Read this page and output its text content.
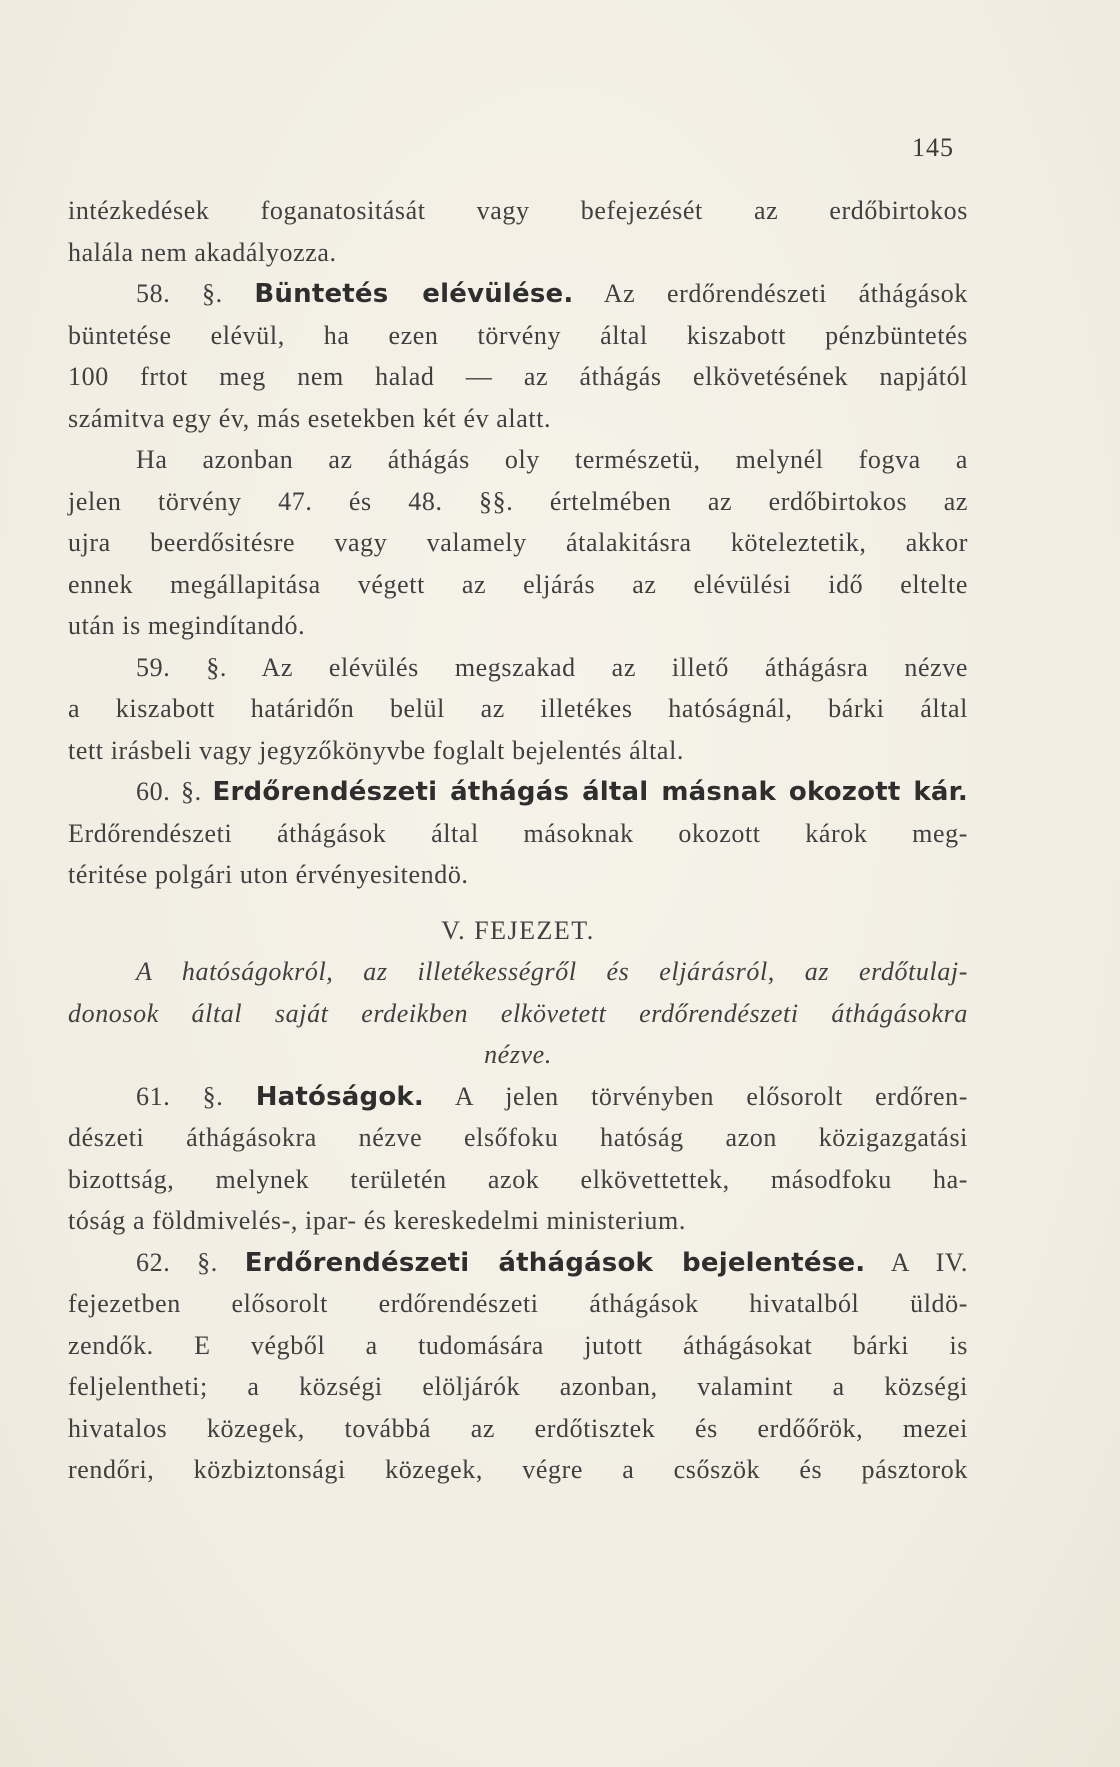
145
intézkedések foganatositását vagy befejezését az erdőbirtokos
halála nem akadályozza.
58. §. Büntetés elévülése. Az erdőrendészeti áthágások
büntetése elévül, ha ezen törvény által kiszabott pénzbüntetés
100 frtot meg nem halad — az áthágás elkövetésének napjától
számitva egy év, más esetekben két év alatt.
Ha azonban az áthágás oly természetü, melynél fogva a
jelen törvény 47. és 48. §§. értelmében az erdőbirtokos az
ujra beerdősitésre vagy valamely átalakitásra köteleztetik, akkor
ennek megállapitása végett az eljárás az elévülési idő eltelte
után is megindítandó.
59. §. Az elévülés megszakad az illető áthágásra nézve
a kiszabott határidőn belül az illetékes hatóságnál, bárki által
tett irásbeli vagy jegyzőkönyvbe foglalt bejelentés által.
60. §. Erdőrendészeti áthágás által másnak okozott kár.
Erdőrendészeti áthágások által másoknak okozott károk meg-
téritése polgári uton érvényesitendö.
V. FEJEZET.
A hatóságokról, az illetékességről és eljárásról, az erdőtulaj-
donosok által saját erdeikben elkövetett erdőrendészeti áthágásokra
nézve.
61. §. Hatóságok. A jelen törvényben elősorolt erdőren-
dészeti áthágásokra nézve elsőfoku hatóság azon közigazgatási
bizottság, melynek területén azok elkövettettek, másodfoku ha-
tóság a földmivelés-, ipar- és kereskedelmi ministerium.
62. §. Erdőrendészeti áthágások bejelentése. A IV.
fejezetben elősorolt erdőrendészeti áthágások hivatalból üldö-
zendők. E végből a tudomására jutott áthágásokat bárki is
feljelentheti; a községi elöljárók azonban, valamint a községi
hivatalos közegek, továbbá az erdőtisztek és erdőőrök, mezei
rendőri, közbiztonsági közegek, végre a csőszök és pásztorok
